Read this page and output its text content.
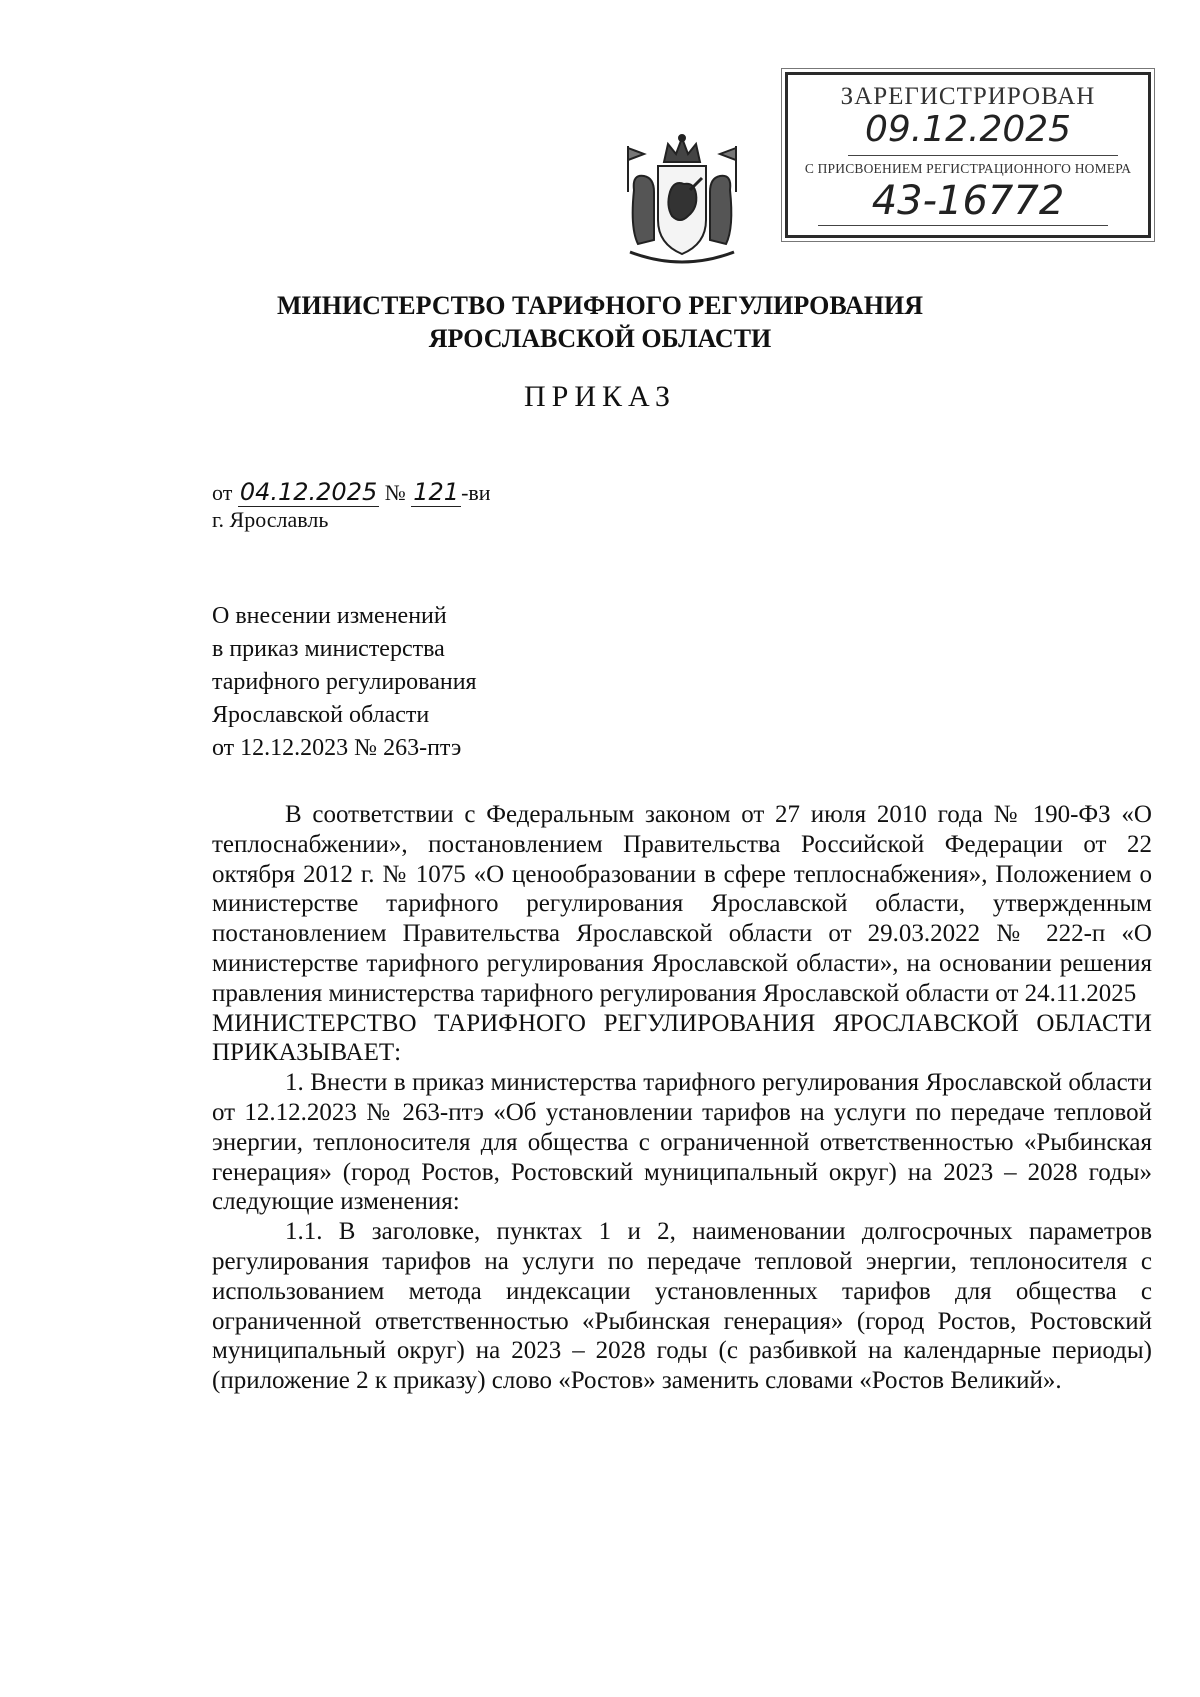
ЗАРЕГИСТРИРОВАН
09.12.2025
С ПРИСВОЕНИЕМ РЕГИСТРАЦИОННОГО НОМЕРА
43-16772
МИНИСТЕРСТВО ТАРИФНОГО РЕГУЛИРОВАНИЯ
ЯРОСЛАВСКОЙ ОБЛАСТИ
ПРИКАЗ
от 04.12.2025 № 121-ви
г. Ярославль
О внесении изменений
в приказ министерства
тарифного регулирования
Ярославской области
от 12.12.2023 № 263-птэ

В соответствии с Федеральным законом от 27 июля 2010 года № 190-ФЗ «О теплоснабжении», постановлением Правительства Российской Федерации от 22 октября 2012 г. № 1075 «О ценообразовании в сфере теплоснабжения», Положением о министерстве тарифного регулирования Ярославской области, утвержденным постановлением Правительства Ярославской области от 29.03.2022 № 222-п «О министерстве тарифного регулирования Ярославской области», на основании решения правления министерства тарифного регулирования Ярославской области от 24.11.2025

МИНИСТЕРСТВО ТАРИФНОГО РЕГУЛИРОВАНИЯ ЯРОСЛАВСКОЙ ОБЛАСТИ ПРИКАЗЫВАЕТ:

1. Внести в приказ министерства тарифного регулирования Ярославской области от 12.12.2023 № 263-птэ «Об установлении тарифов на услуги по передаче тепловой энергии, теплоносителя для общества с ограниченной ответственностью «Рыбинская генерация» (город Ростов, Ростовский муниципальный округ) на 2023 – 2028 годы» следующие изменения:

1.1. В заголовке, пунктах 1 и 2, наименовании долгосрочных параметров регулирования тарифов на услуги по передаче тепловой энергии, теплоносителя с использованием метода индексации установленных тарифов для общества с ограниченной ответственностью «Рыбинская генерация» (город Ростов, Ростовский муниципальный округ) на 2023 – 2028 годы (с разбивкой на календарные периоды) (приложение 2 к приказу) слово «Ростов» заменить словами «Ростов Великий».
